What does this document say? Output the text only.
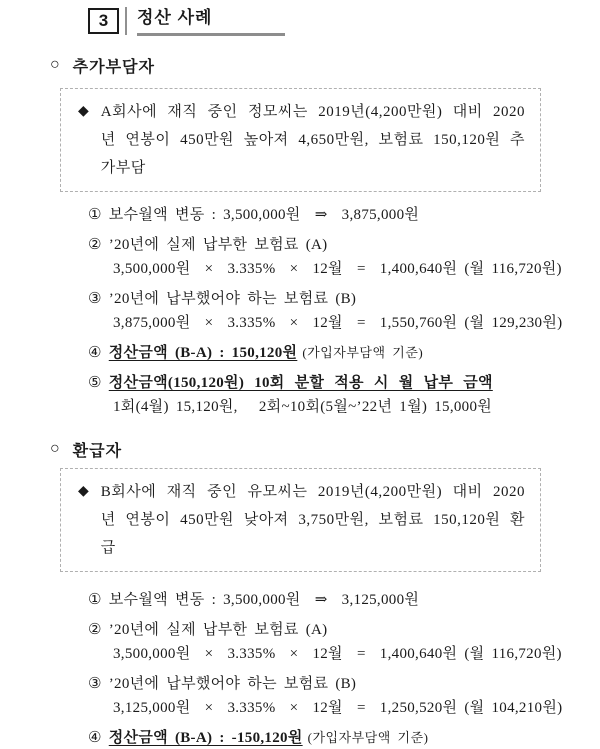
3 정산 사례
○ 추가부담자
◆ A회사에 재직 중인 정모씨는 2019년(4,200만원) 대비 2020년 연봉이 450만원 높아져 4,650만원, 보험료 150,120원 추가부담

① 보수월액 변동 : 3,500,000원  ⇒  3,875,000원
② ’20년에 실제 납부한 보험료 (A)
3,500,000원  ×  3.335%  ×  12월  =  1,400,640원 (월 116,720원)
③ ’20년에 납부했어야 하는 보험료 (B)
3,875,000원  ×  3.335%  ×  12월  =  1,550,760원 (월 129,230원)
④ 정산금액 (B-A) : 150,120원 (가입자부담액 기준)
⑤ 정산금액(150,120원) 10회 분할 적용 시 월 납부 금액
1회(4월) 15,120원,   2회~10회(5월~’22년 1월) 15,000원
○ 환급자
◆ B회사에 재직 중인 유모씨는 2019년(4,200만원) 대비 2020년 연봉이 450만원 낮아져 3,750만원, 보험료 150,120원 환급

① 보수월액 변동 : 3,500,000원  ⇒  3,125,000원
② ’20년에 실제 납부한 보험료 (A)
3,500,000원  ×  3.335%  ×  12월  =  1,400,640원 (월 116,720원)
③ ’20년에 납부했어야 하는 보험료 (B)
3,125,000원  ×  3.335%  ×  12월  =  1,250,520원 (월 104,210원)
④ 정산금액 (B-A) : -150,120원 (가입자부담액 기준)
